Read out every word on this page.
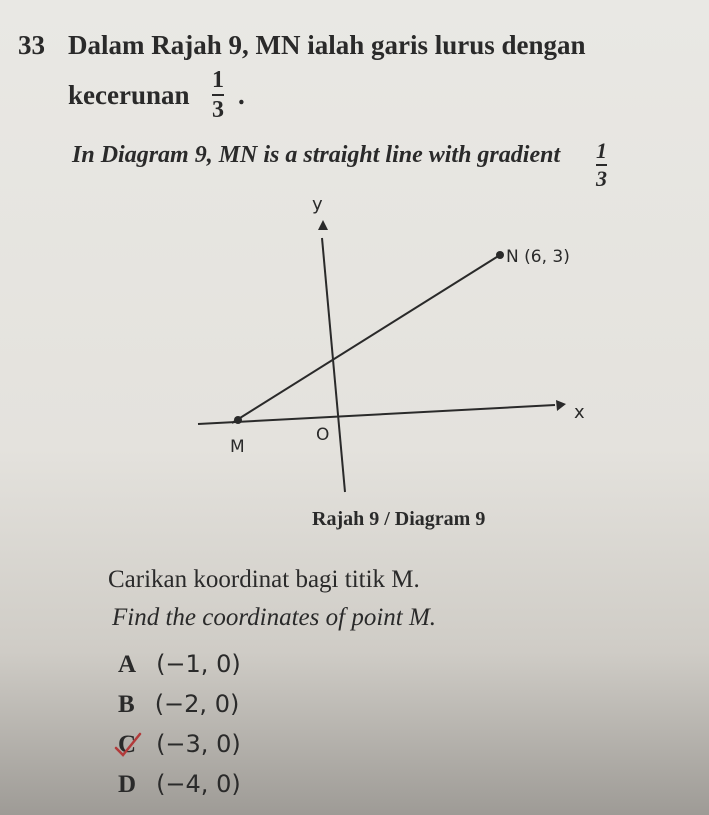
33 Dalam Rajah 9, MN ialah garis lurus dengan
kecerunan 1
3 .
In Diagram 9, MN is a straight line with gradient 1
3
y
x
O
N (6, 3)
M
Rajah 9 / Diagram 9
Carikan koordinat bagi titik M.
Find the coordinates of point M.
A (−1, 0)
B (−2, 0)
C (−3, 0)
D (−4, 0)
